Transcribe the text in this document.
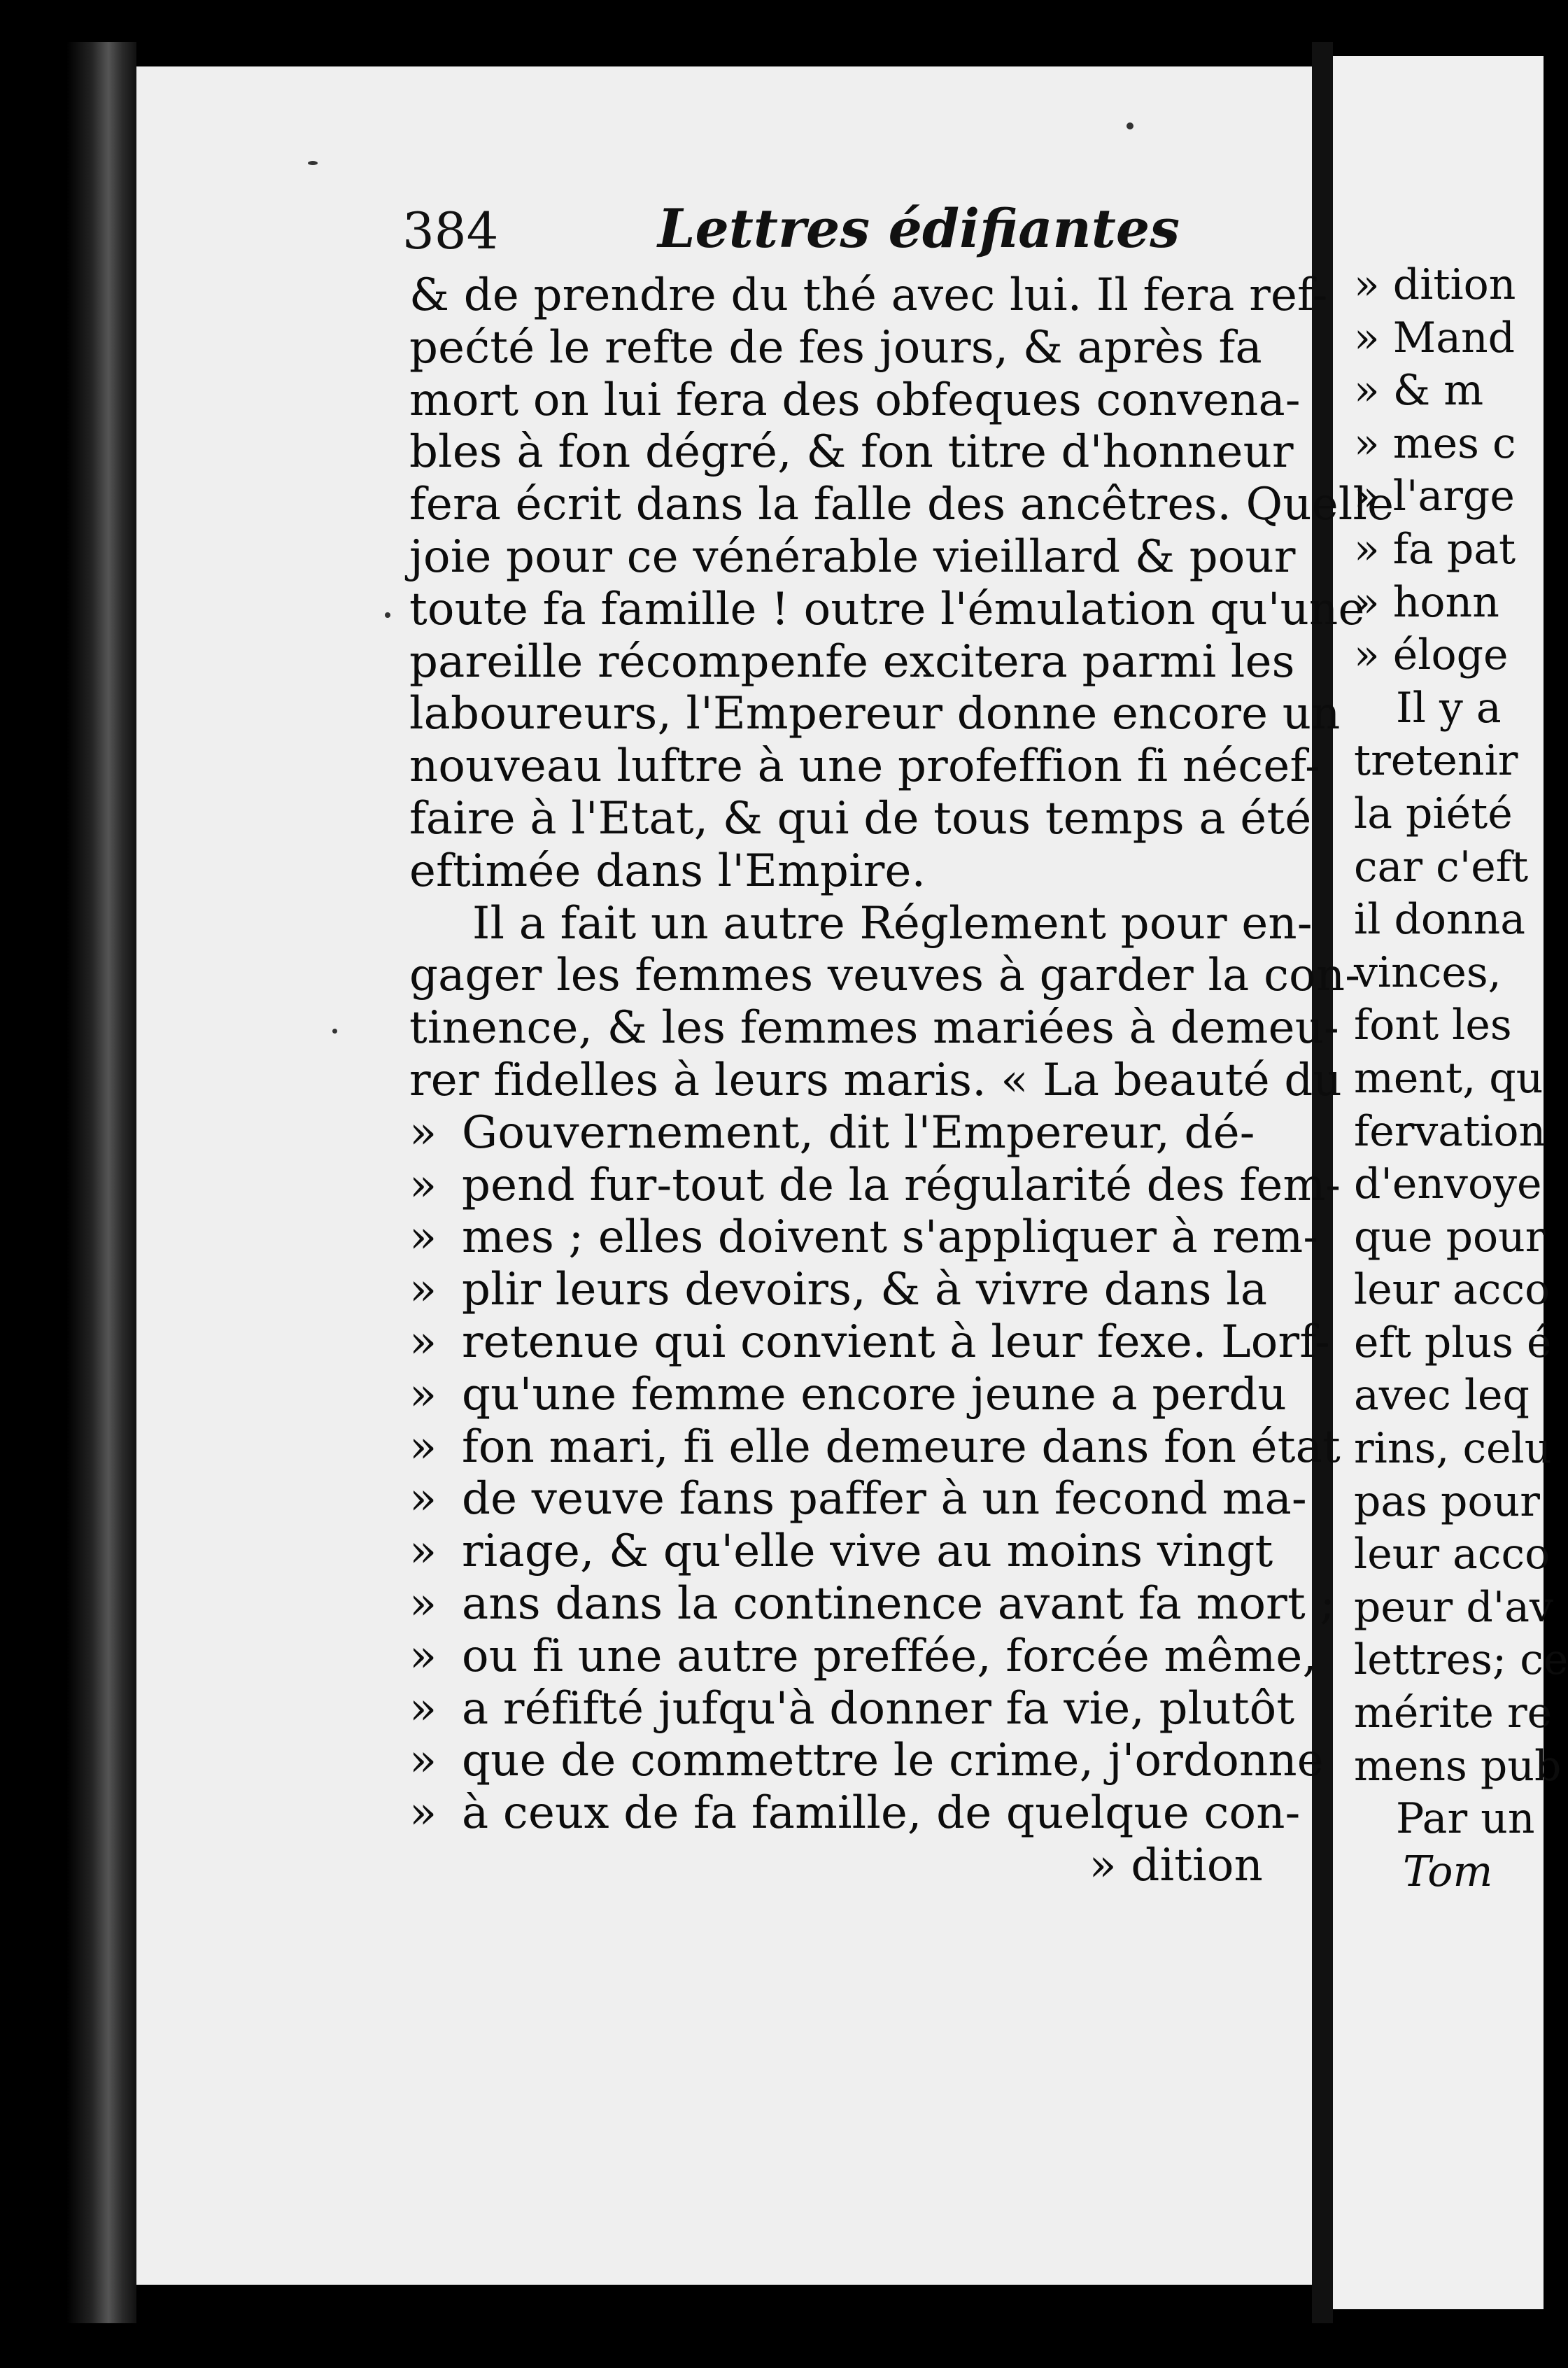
384	Lettres édifiantes
& de prendre du thé avec lui. Il fera ref-
pećté le refte de fes jours, & après fa
mort on lui fera des obfeques convena-
bles à fon dégré, & fon titre d'honneur
fera écrit dans la falle des ancêtres. Quelle
joie pour ce vénérable vieillard & pour
toute fa famille ! outre l'émulation qu'une
pareille récompenfe excitera parmi les
laboureurs, l'Empereur donne encore un
nouveau luftre à une profeffion fi nécef-
faire à l'Etat, & qui de tous temps a été
eftimée dans l'Empire.
Il a fait un autre Réglement pour en-
gager les femmes veuves à garder la con-
tinence, & les femmes mariées à demeu-
rer fidelles à leurs maris. « La beauté du
» Gouvernement, dit l'Empereur, dé-
» pend fur-tout de la régularité des fem-
» mes ; elles doivent s'appliquer à rem-
» plir leurs devoirs, & à vivre dans la
» retenue qui convient à leur fexe. Lorf-
» qu'une femme encore jeune a perdu
» fon mari, fi elle demeure dans fon état
» de veuve fans paffer à un fecond ma-
» riage, & qu'elle vive au moins vingt
» ans dans la continence avant fa mort ;
» ou fi une autre preffée, forcée même,
» a réfifté jufqu'à donner fa vie, plutôt
» que de commettre le crime, j'ordonne
» à ceux de fa famille, de quelque con-
» dition
» dition
» Mand
» & m
» mes c
» l'arge
» fa pat
» honn
» éloge
Il y a
tretenir
la piété
car c'eft
il donna
vinces,
font les
ment, qu
fervation
d'envoye
que pour
leur acco
eft plus é
avec leq
rins, celu
pas pour
leur acco
peur d'av
lettres; ce
mérite re
mens pub
Par un
Tom
